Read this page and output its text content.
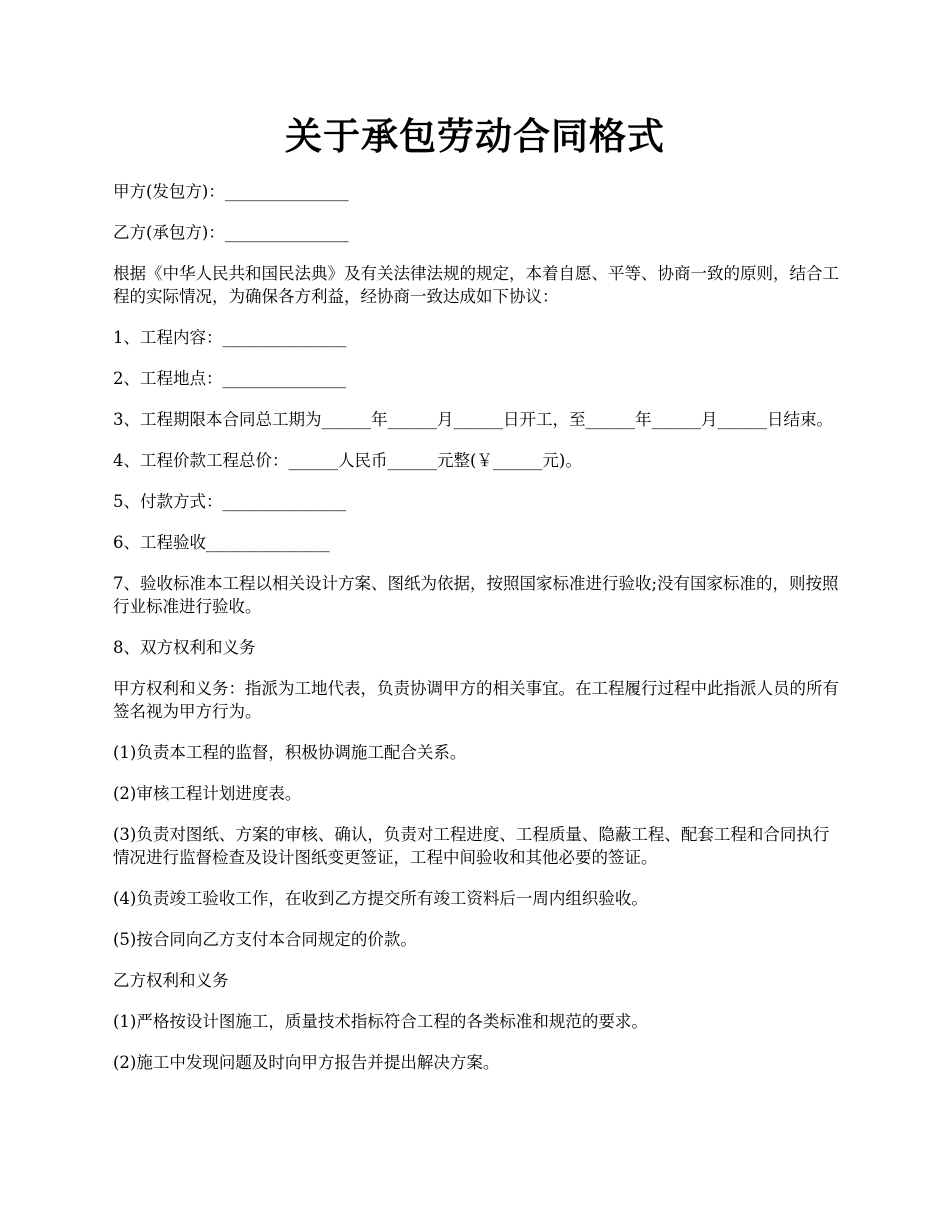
关于承包劳动合同格式

甲方(发包方)：_______________

乙方(承包方)：_______________

根据《中华人民共和国民法典》及有关法律法规的规定，本着自愿、平等、协商一致的原则，结合工程的实际情况，为确保各方利益，经协商一致达成如下协议：

1、工程内容：_______________

2、工程地点：_______________

3、工程期限本合同总工期为______年______月______日开工，至______年______月______日结束。

4、工程价款工程总价：______人民币______元整(￥______元)。

5、付款方式：_______________

6、工程验收_______________

7、验收标准本工程以相关设计方案、图纸为依据，按照国家标准进行验收;没有国家标准的，则按照行业标准进行验收。

8、双方权利和义务

甲方权利和义务：指派为工地代表，负责协调甲方的相关事宜。在工程履行过程中此指派人员的所有签名视为甲方行为。

(1)负责本工程的监督，积极协调施工配合关系。

(2)审核工程计划进度表。

(3)负责对图纸、方案的审核、确认，负责对工程进度、工程质量、隐蔽工程、配套工程和合同执行情况进行监督检查及设计图纸变更签证，工程中间验收和其他必要的签证。

(4)负责竣工验收工作，在收到乙方提交所有竣工资料后一周内组织验收。

(5)按合同向乙方支付本合同规定的价款。

乙方权利和义务

(1)严格按设计图施工，质量技术指标符合工程的各类标准和规范的要求。

(2)施工中发现问题及时向甲方报告并提出解决方案。
